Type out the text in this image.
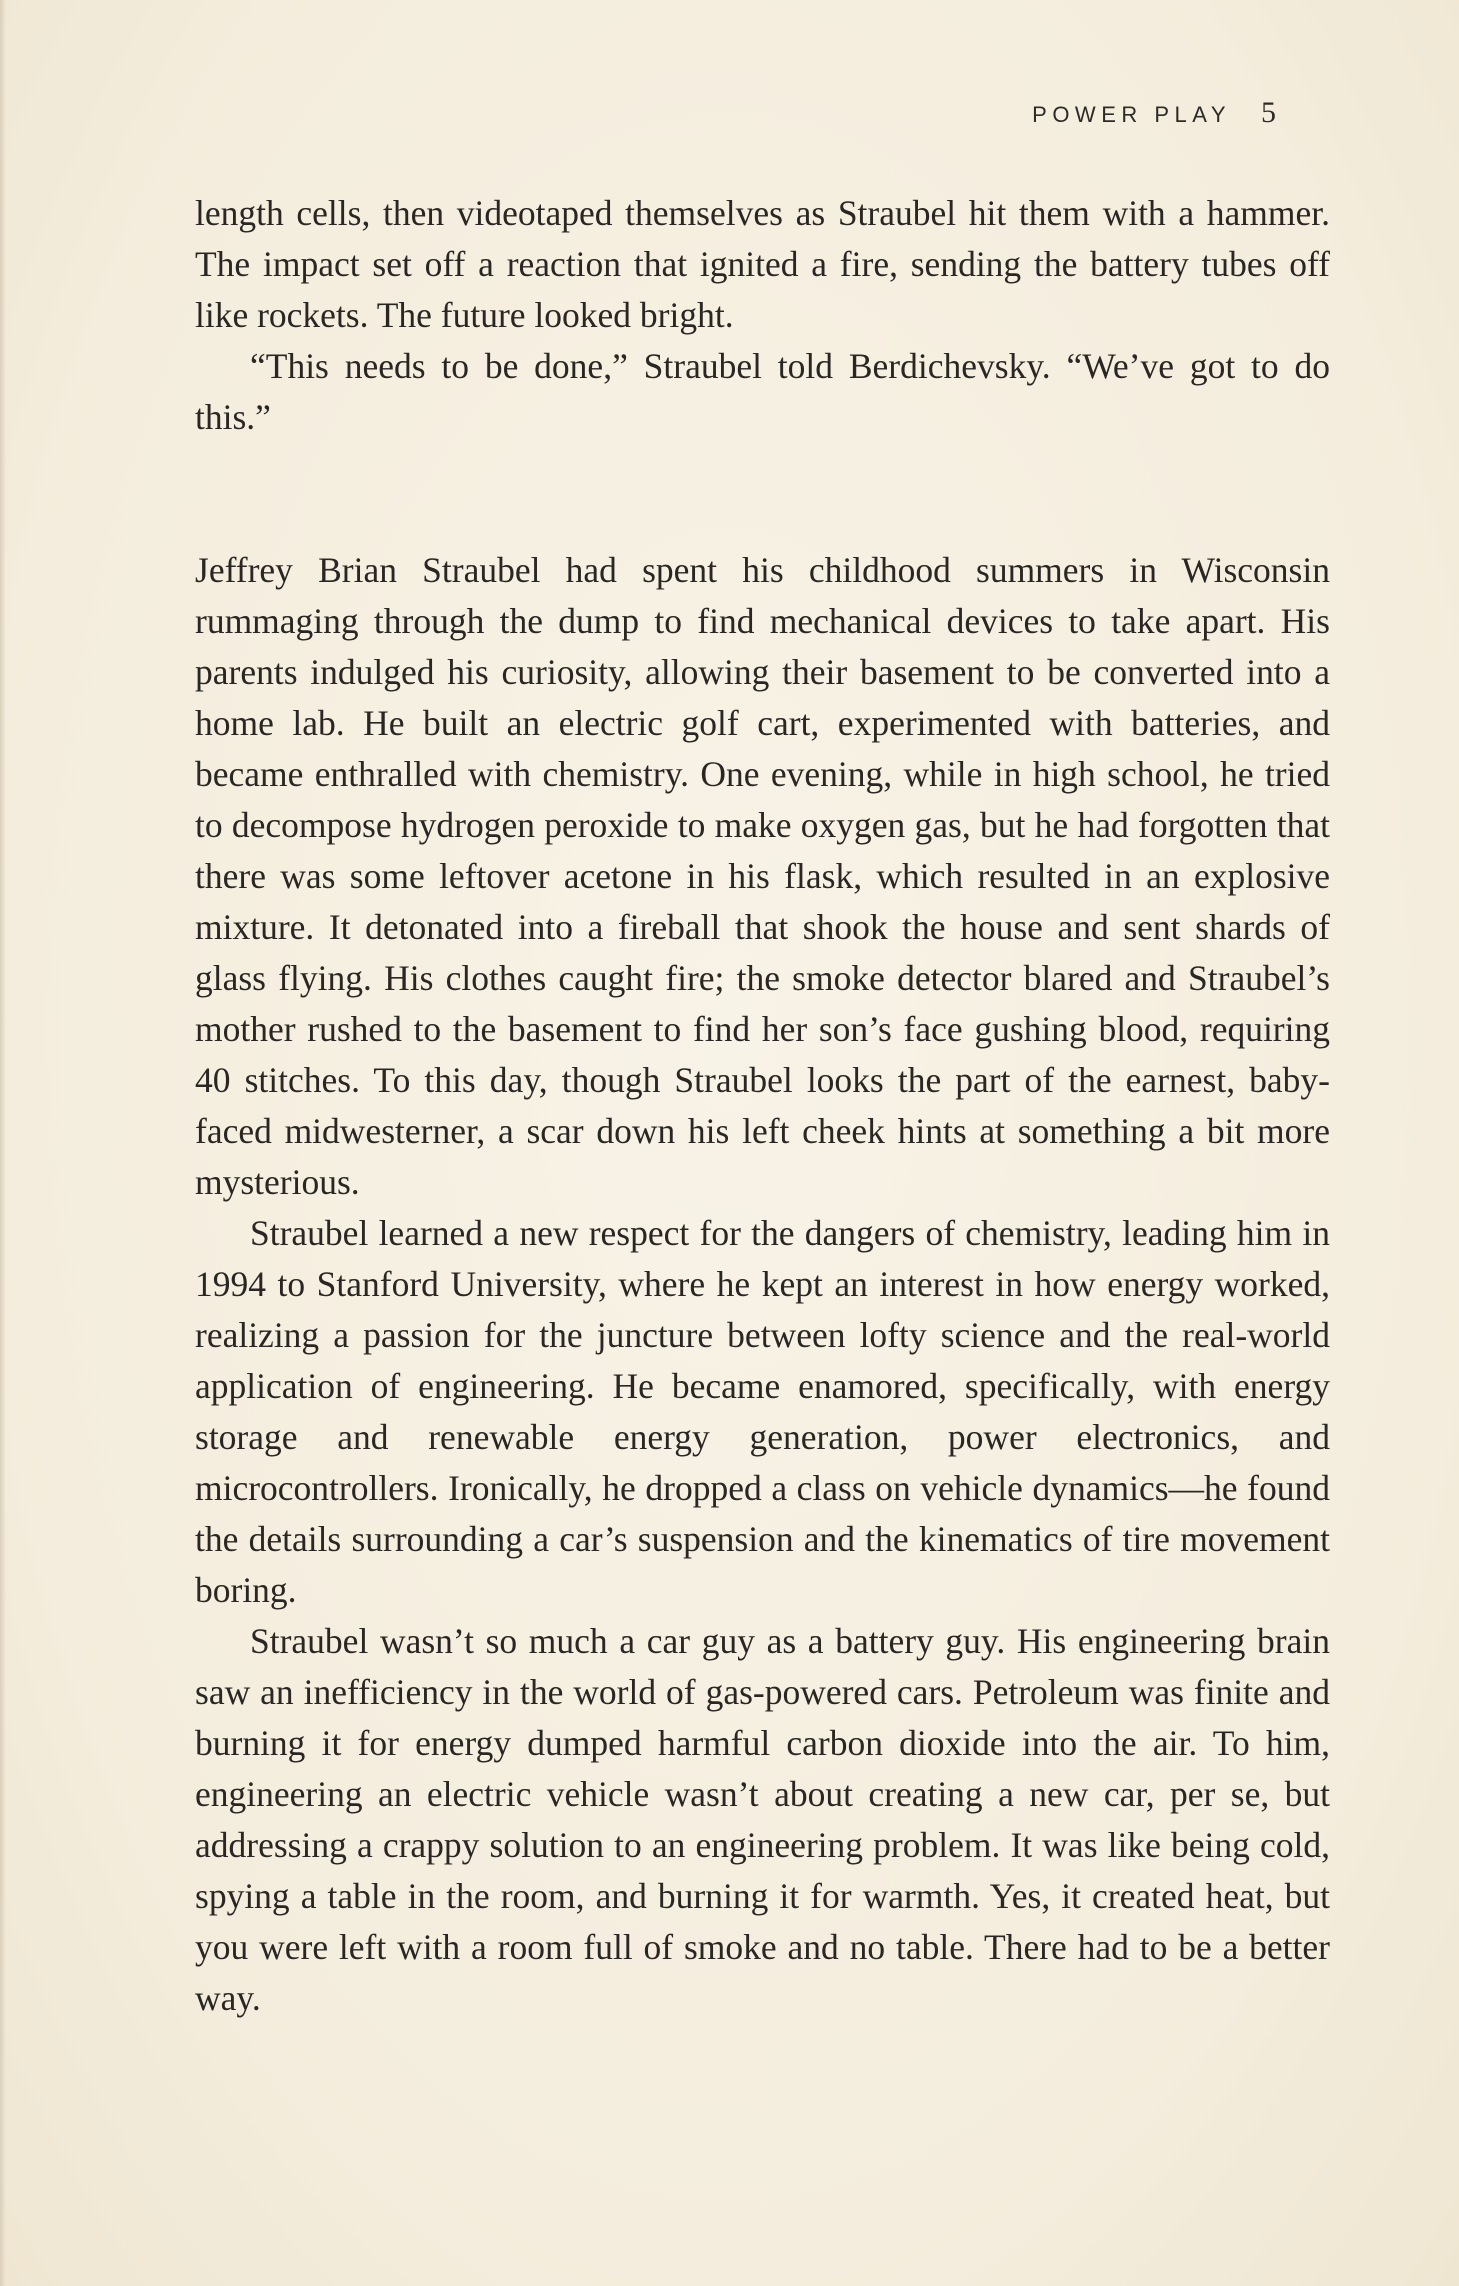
POWER PLAY 5

length cells, then videotaped themselves as Straubel hit them with a hammer. The impact set off a reaction that ignited a fire, sending the battery tubes off like rockets. The future looked bright.

“This needs to be done,” Straubel told Berdichevsky. “We’ve got to do this.”

Jeffrey Brian Straubel had spent his childhood summers in Wisconsin rummaging through the dump to find mechanical devices to take apart. His parents indulged his curiosity, allowing their basement to be converted into a home lab. He built an electric golf cart, experimented with batteries, and became enthralled with chemistry. One evening, while in high school, he tried to decompose hydrogen peroxide to make oxygen gas, but he had forgotten that there was some leftover acetone in his flask, which resulted in an explosive mixture. It detonated into a fireball that shook the house and sent shards of glass flying. His clothes caught fire; the smoke detector blared and Straubel’s mother rushed to the basement to find her son’s face gushing blood, requiring 40 stitches. To this day, though Straubel looks the part of the earnest, baby-faced midwesterner, a scar down his left cheek hints at something a bit more mysterious.

Straubel learned a new respect for the dangers of chemistry, leading him in 1994 to Stanford University, where he kept an interest in how energy worked, realizing a passion for the juncture between lofty science and the real-world application of engineering. He became enamored, specifically, with energy storage and renewable energy generation, power electronics, and microcontrollers. Ironically, he dropped a class on vehicle dynamics—he found the details surrounding a car’s suspension and the kinematics of tire movement boring.

Straubel wasn’t so much a car guy as a battery guy. His engineering brain saw an inefficiency in the world of gas-powered cars. Petroleum was finite and burning it for energy dumped harmful carbon dioxide into the air. To him, engineering an electric vehicle wasn’t about creating a new car, per se, but addressing a crappy solution to an engineering problem. It was like being cold, spying a table in the room, and burning it for warmth. Yes, it created heat, but you were left with a room full of smoke and no table. There had to be a better way.
